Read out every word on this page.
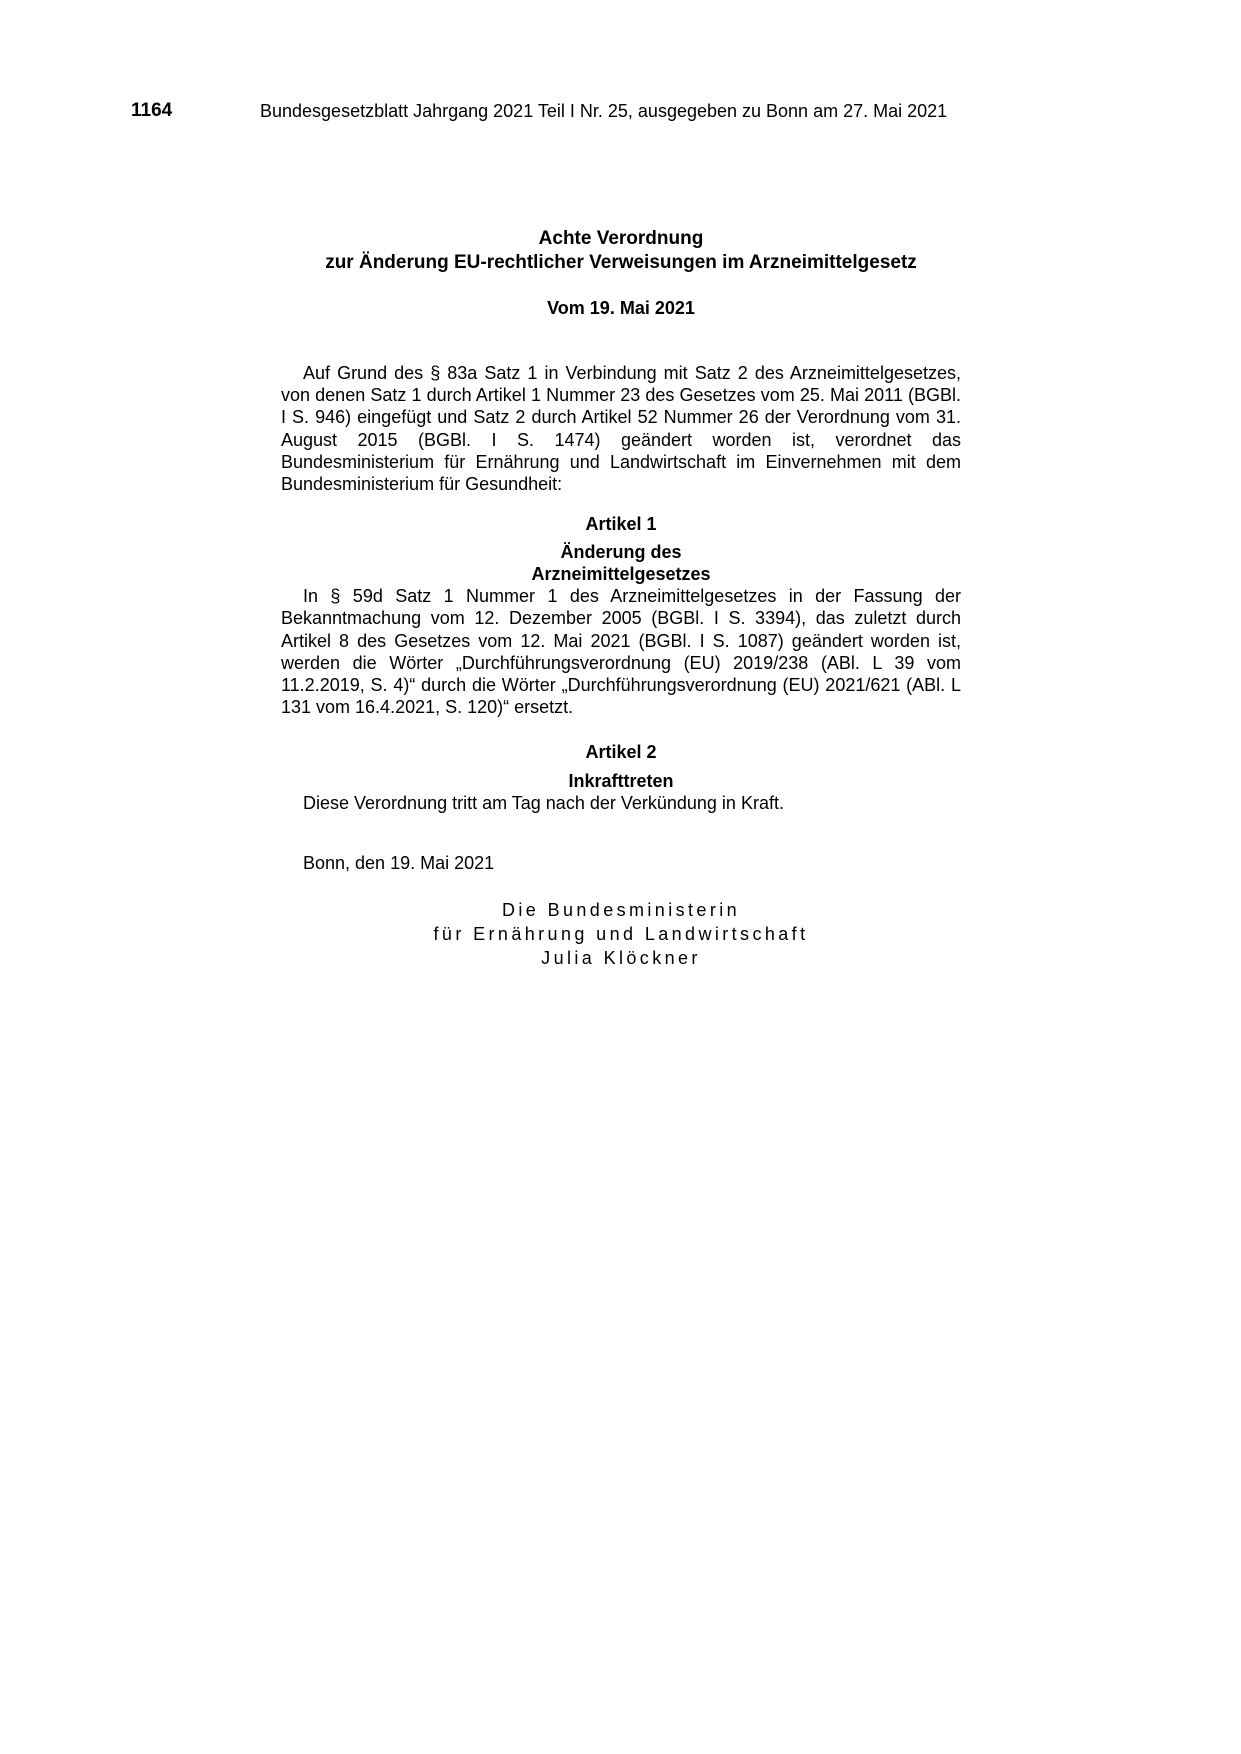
1164	Bundesgesetzblatt Jahrgang 2021 Teil I Nr. 25, ausgegeben zu Bonn am 27. Mai 2021
Achte Verordnung
zur Änderung EU-rechtlicher Verweisungen im Arzneimittelgesetz

Vom 19. Mai 2021

Auf Grund des § 83a Satz 1 in Verbindung mit Satz 2 des Arzneimittelgesetzes, von denen Satz 1 durch Artikel 1 Nummer 23 des Gesetzes vom 25. Mai 2011 (BGBl. I S. 946) eingefügt und Satz 2 durch Artikel 52 Nummer 26 der Verordnung vom 31. August 2015 (BGBl. I S. 1474) geändert worden ist, verordnet das Bundesministerium für Ernährung und Landwirtschaft im Einvernehmen mit dem Bundesministerium für Gesundheit:

Artikel 1

Änderung des
Arzneimittelgesetzes

In § 59d Satz 1 Nummer 1 des Arzneimittelgesetzes in der Fassung der Bekanntmachung vom 12. Dezember 2005 (BGBl. I S. 3394), das zuletzt durch Artikel 8 des Gesetzes vom 12. Mai 2021 (BGBl. I S. 1087) geändert worden ist, werden die Wörter „Durchführungsverordnung (EU) 2019/238 (ABl. L 39 vom 11.2.2019, S. 4)“ durch die Wörter „Durchführungsverordnung (EU) 2021/621 (ABl. L 131 vom 16.4.2021, S. 120)“ ersetzt.

Artikel 2

Inkrafttreten

Diese Verordnung tritt am Tag nach der Verkündung in Kraft.

Bonn, den 19. Mai 2021

Die Bundesministerin
für Ernährung und Landwirtschaft
Julia Klöckner
